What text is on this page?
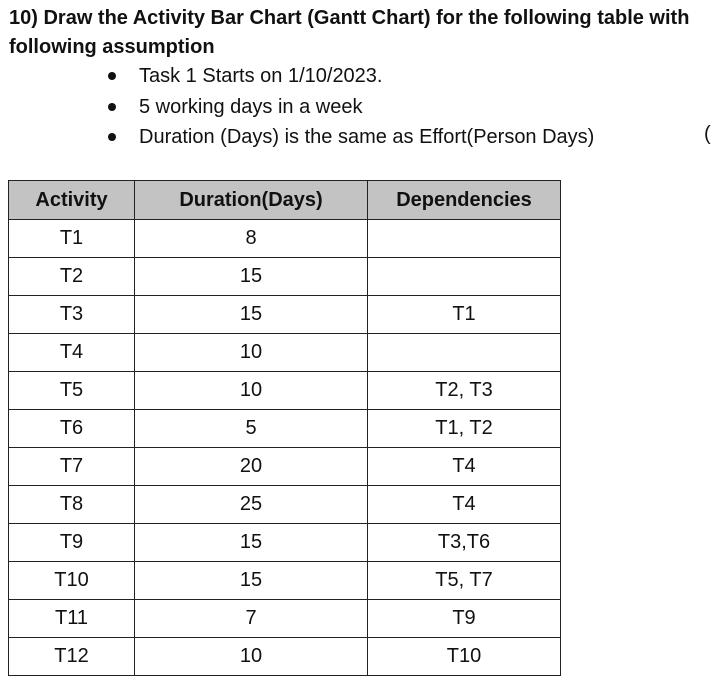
10) Draw the Activity Bar Chart (Gantt Chart) for the following table with
following assumption
Task 1 Starts on 1/10/2023.
5 working days in a week
Duration (Days) is the same as Effort(Person Days)	(
Activity	Duration(Days)	Dependencies
T1	8	
T2	15	
T3	15	T1
T4	10	
T5	10	T2, T3
T6	5	T1, T2
T7	20	T4
T8	25	T4
T9	15	T3,T6
T10	15	T5, T7
T11	7	T9
T12	10	T10
